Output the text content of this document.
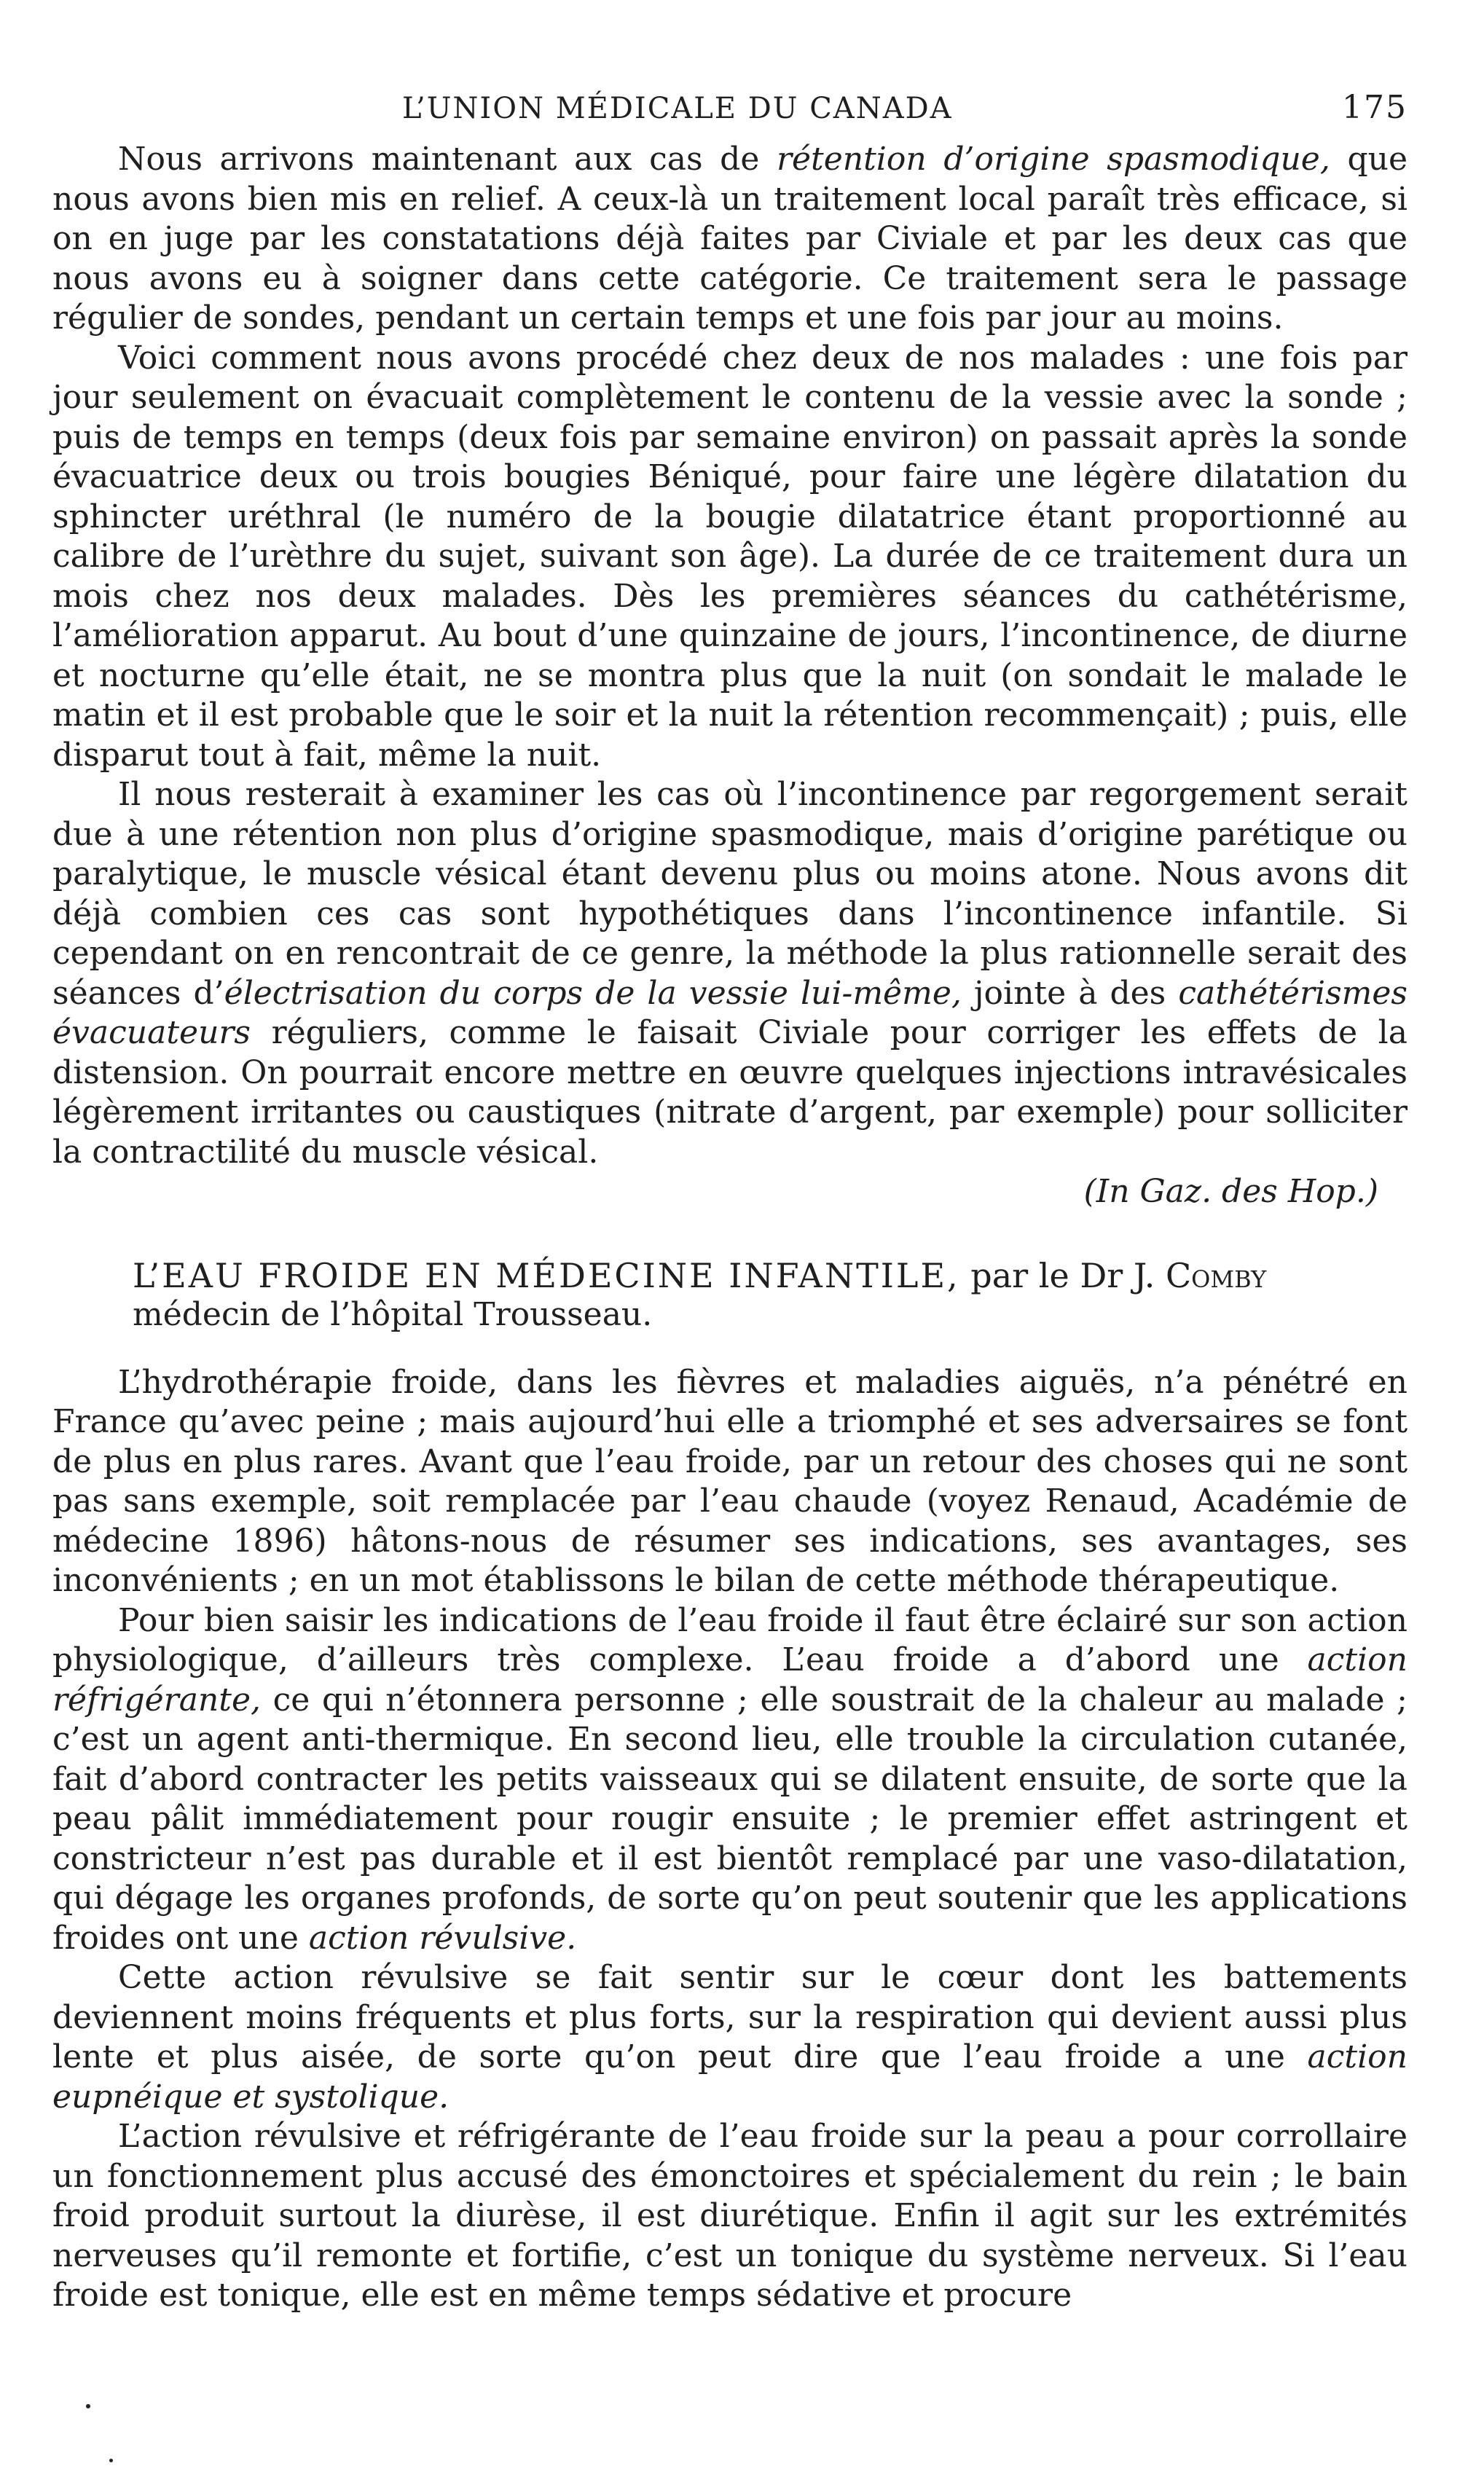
L’UNION MÉDICALE DU CANADA	175

Nous arrivons maintenant aux cas de rétention d’origine spasmodique, que nous avons bien mis en relief. A ceux-là un traitement local paraît très efficace, si on en juge par les constatations déjà faites par Civiale et par les deux cas que nous avons eu à soigner dans cette catégorie. Ce traitement sera le passage régulier de sondes, pendant un certain temps et une fois par jour au moins.

Voici comment nous avons procédé chez deux de nos malades : une fois par jour seulement on évacuait complètement le contenu de la vessie avec la sonde ; puis de temps en temps (deux fois par semaine environ) on passait après la sonde évacuatrice deux ou trois bougies Béniqué, pour faire une légère dilatation du sphincter uréthral (le numéro de la bougie dilatatrice étant proportionné au calibre de l’urèthre du sujet, suivant son âge). La durée de ce traitement dura un mois chez nos deux malades. Dès les premières séances du cathétérisme, l’amélioration apparut. Au bout d’une quinzaine de jours, l’incontinence, de diurne et nocturne qu’elle était, ne se montra plus que la nuit (on sondait le malade le matin et il est probable que le soir et la nuit la rétention recommençait) ; puis, elle disparut tout à fait, même la nuit.

Il nous resterait à examiner les cas où l’incontinence par regorgement serait due à une rétention non plus d’origine spasmodique, mais d’origine parétique ou paralytique, le muscle vésical étant devenu plus ou moins atone. Nous avons dit déjà combien ces cas sont hypothétiques dans l’incontinence infantile. Si cependant on en rencontrait de ce genre, la méthode la plus rationnelle serait des séances d’électrisation du corps de la vessie lui-même, jointe à des cathétérismes évacuateurs réguliers, comme le faisait Civiale pour corriger les effets de la distension. On pourrait encore mettre en œuvre quelques injections intravésicales légèrement irritantes ou caustiques (nitrate d’argent, par exemple) pour solliciter la contractilité du muscle vésical.

(In Gaz. des Hop.)

L’EAU FROIDE EN MÉDECINE INFANTILE, par le Dr J. Comby
médecin de l’hôpital Trousseau.

L’hydrothérapie froide, dans les fièvres et maladies aiguës, n’a pénétré en France qu’avec peine ; mais aujourd’hui elle a triomphé et ses adversaires se font de plus en plus rares. Avant que l’eau froide, par un retour des choses qui ne sont pas sans exemple, soit remplacée par l’eau chaude (voyez Renaud, Académie de médecine 1896) hâtons-nous de résumer ses indications, ses avantages, ses inconvénients ; en un mot établissons le bilan de cette méthode thérapeutique.

Pour bien saisir les indications de l’eau froide il faut être éclairé sur son action physiologique, d’ailleurs très complexe. L’eau froide a d’abord une action réfrigérante, ce qui n’étonnera personne ; elle soustrait de la chaleur au malade ; c’est un agent anti-thermique. En second lieu, elle trouble la circulation cutanée, fait d’abord contracter les petits vaisseaux qui se dilatent ensuite, de sorte que la peau pâlit immédiatement pour rougir ensuite ; le premier effet astringent et constricteur n’est pas durable et il est bientôt remplacé par une vaso-dilatation, qui dégage les organes profonds, de sorte qu’on peut soutenir que les applications froides ont une action révulsive.

Cette action révulsive se fait sentir sur le cœur dont les battements deviennent moins fréquents et plus forts, sur la respiration qui devient aussi plus lente et plus aisée, de sorte qu’on peut dire que l’eau froide a une action eupnéique et systolique.

L’action révulsive et réfrigérante de l’eau froide sur la peau a pour corrollaire un fonctionnement plus accusé des émonctoires et spécialement du rein ; le bain froid produit surtout la diurèse, il est diurétique. Enfin il agit sur les extrémités nerveuses qu’il remonte et fortifie, c’est un tonique du système nerveux. Si l’eau froide est tonique, elle est en même temps sédative et procure
